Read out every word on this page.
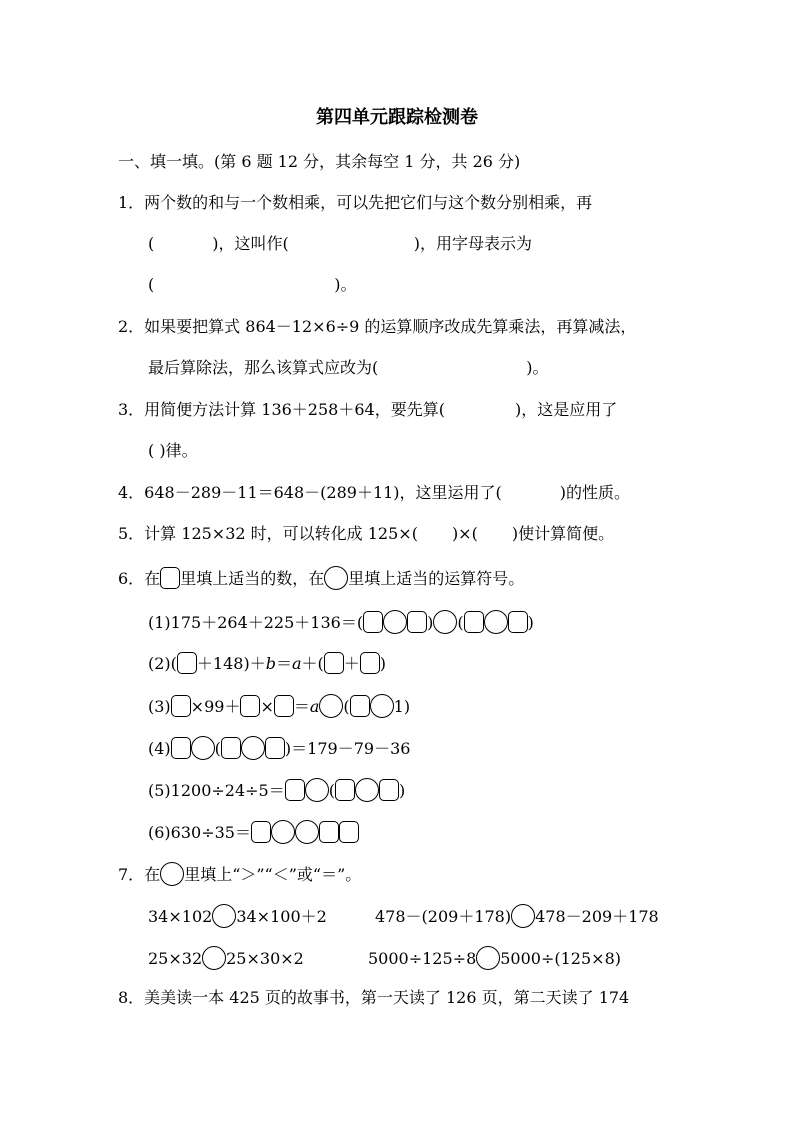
第四单元跟踪检测卷
一、填一填。(第 6 题 12 分，其余每空 1 分，共 26 分)
1．两个数的和与一个数相乘，可以先把它们与这个数分别相乘，再
(	)，这叫作(	)，用字母表示为
(	)。
2．如果要把算式 864－12×6÷9 的运算顺序改成先算乘法，再算减法，
最后算除法，那么该算式应改为(	)。
3．用简便方法计算 136＋258＋64，要先算(	)，这是应用了
( )律。
4．648－289－11＝648－(289＋11)，这里运用了(	)的性质。
5．计算 125×32 时，可以转化成 125×( )×( )使计算简便。
6．在 里填上适当的数，在 里填上适当的运算符号。
(1)175＋264＋225＋136＝(	) (	)
(2)( ＋148)＋b＝a＋( ＋ )
(3) ×99＋ × ＝a (	1)
(4)	(	)＝179－79－36
(5)1200÷24÷5＝	(	)
(6)630÷35＝
7．在 里填上“＞”“＜”或“＝”。
34×102 34×100＋2	478－(209＋178) 478－209＋178
25×32 25×30×2	5000÷125÷8 5000÷(125×8)
8．美美读一本 425 页的故事书，第一天读了 126 页，第二天读了 174
